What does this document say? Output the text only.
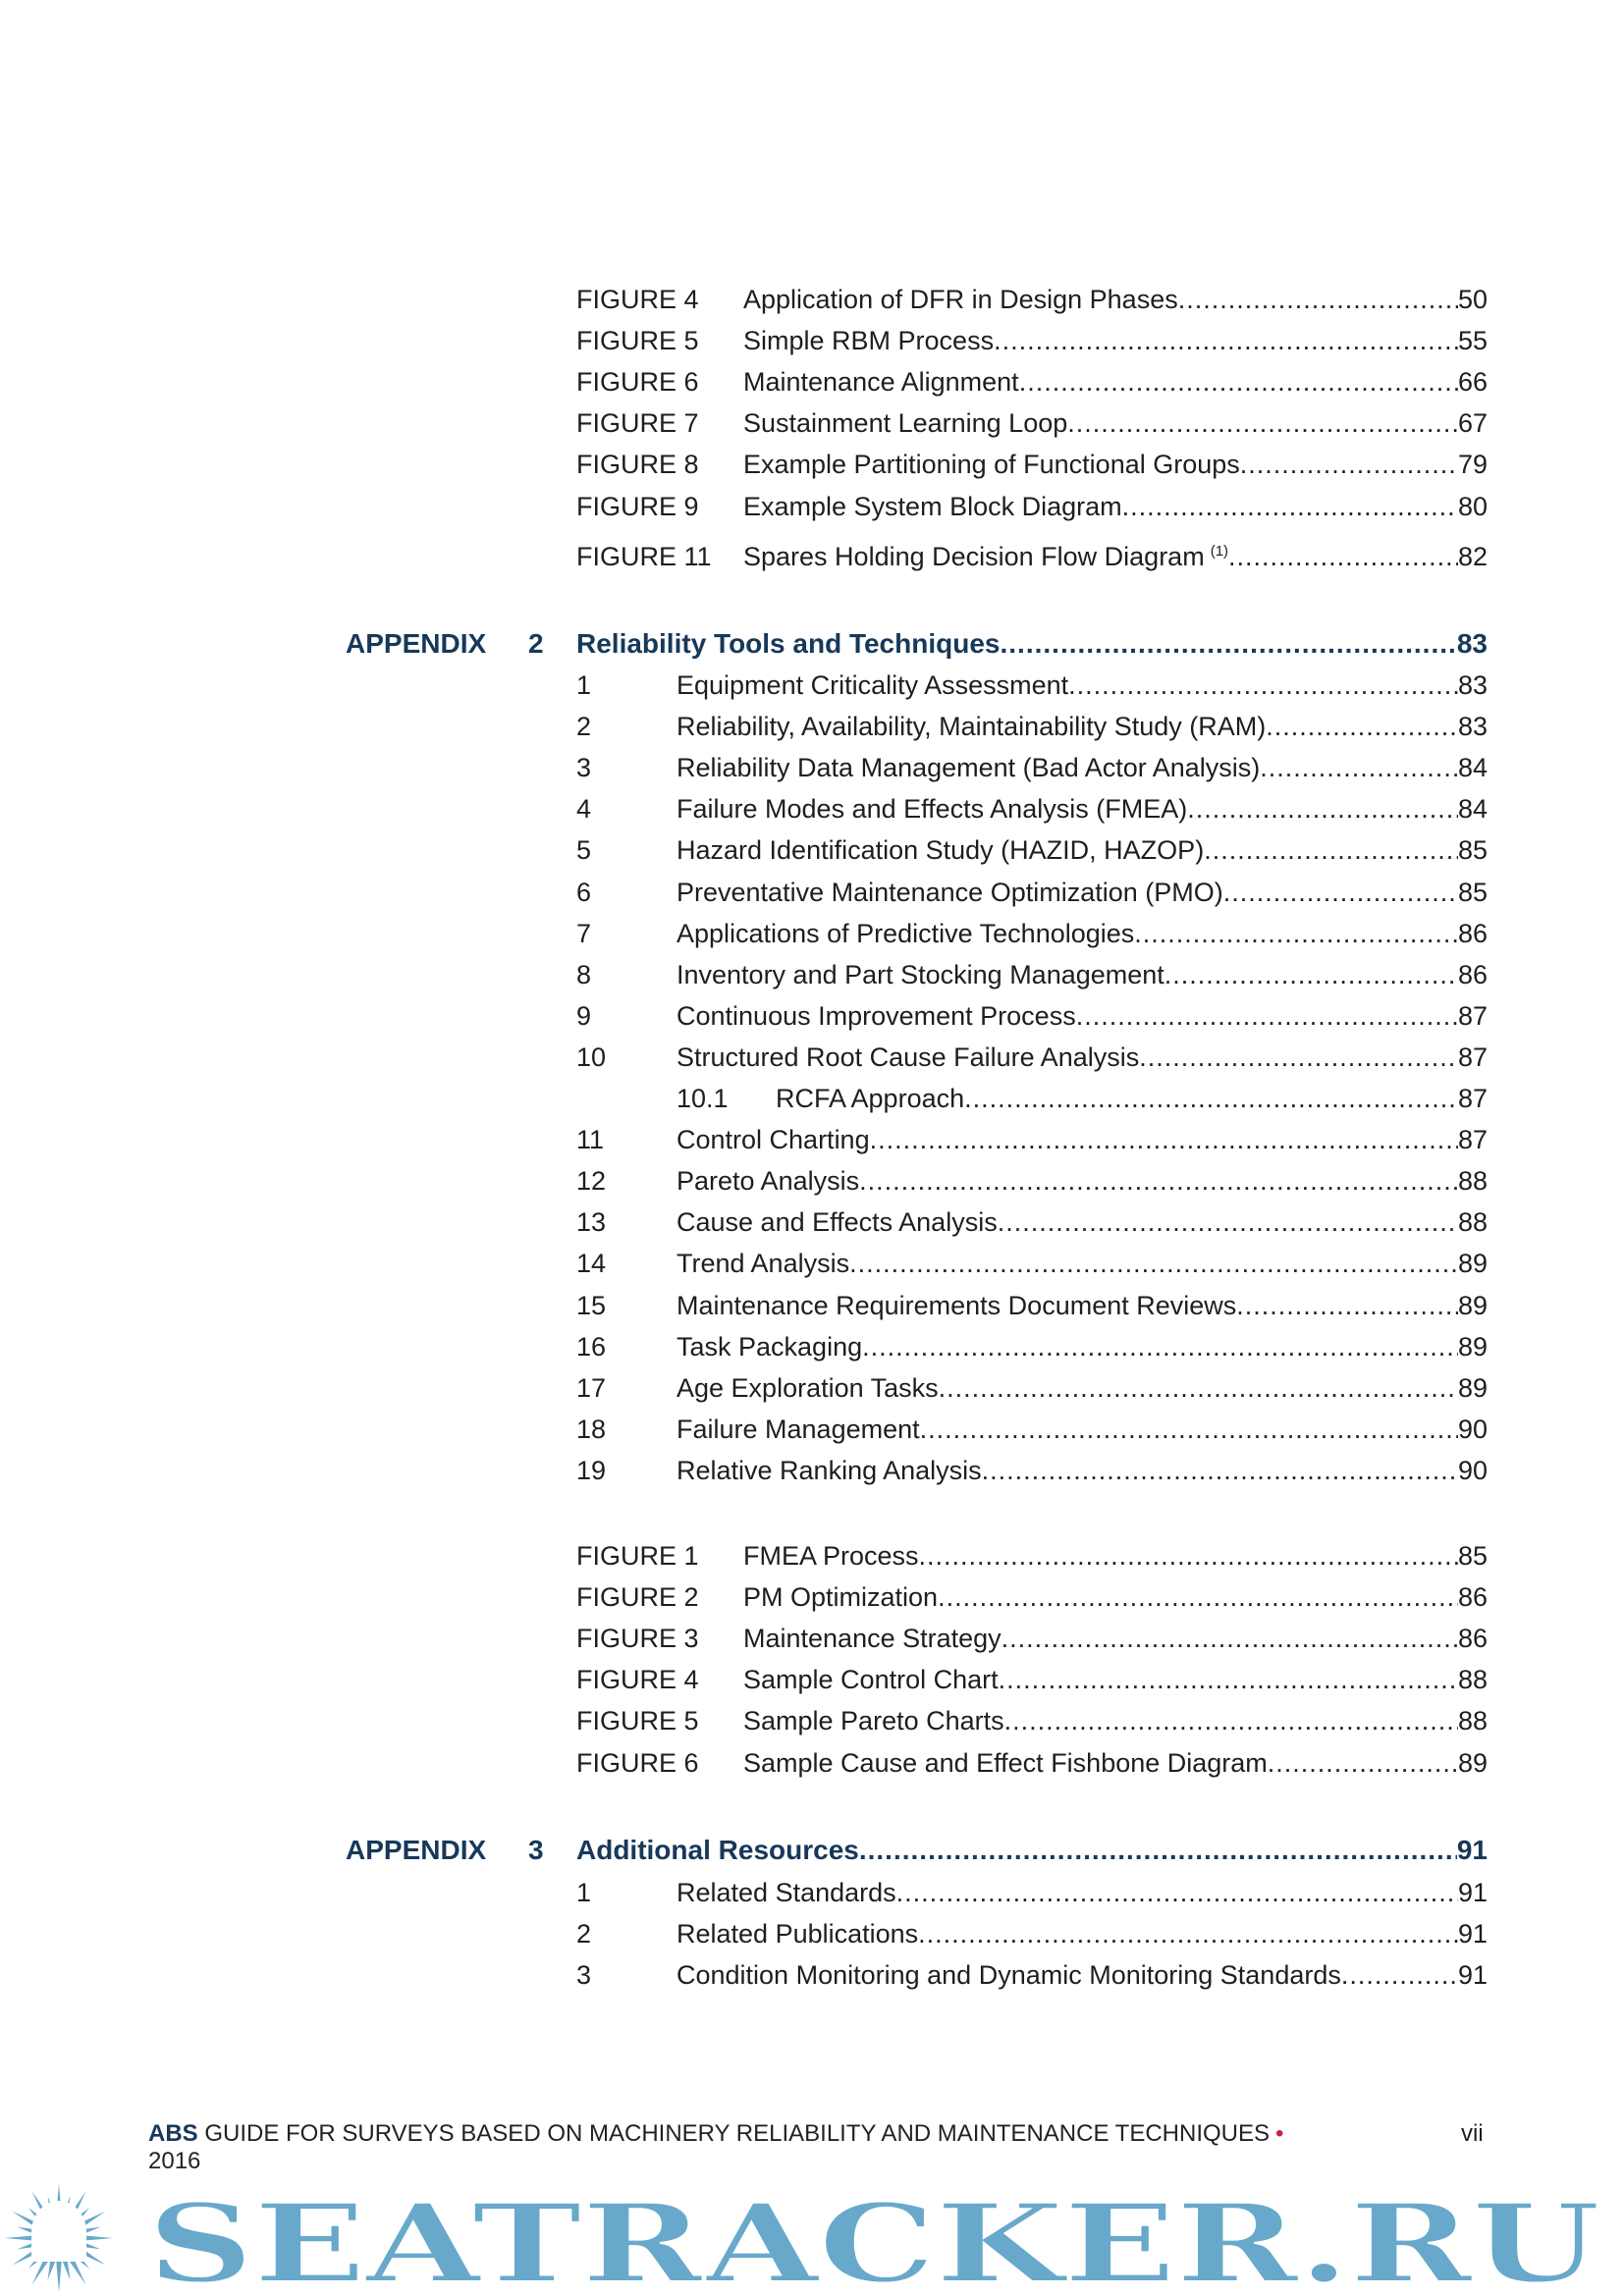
FIGURE 4 Application of DFR in Design Phases .....	50
FIGURE 5 Simple RBM Process .....	55
FIGURE 6 Maintenance Alignment .....	66
FIGURE 7 Sustainment Learning Loop .....	67
FIGURE 8 Example Partitioning of Functional Groups .....	79
FIGURE 9 Example System Block Diagram .....	80
FIGURE 11 Spares Holding Decision Flow Diagram $^{(1)}$ .....	82
APPENDIX 2 Reliability Tools and Techniques .....	83
1	Equipment Criticality Assessment .....	83
2	Reliability, Availability, Maintainability Study (RAM) .....	83
3	Reliability Data Management (Bad Actor Analysis) .....	84
4	Failure Modes and Effects Analysis (FMEA) .....	84
5	Hazard Identification Study (HAZID, HAZOP) .....	85
6	Preventative Maintenance Optimization (PMO) .....	85
7	Applications of Predictive Technologies .....	86
8	Inventory and Part Stocking Management .....	86
9	Continuous Improvement Process .....	87
10	Structured Root Cause Failure Analysis .....	87
10.1 RCFA Approach .....	87
11	Control Charting .....	87
12	Pareto Analysis .....	88
13	Cause and Effects Analysis .....	88
14	Trend Analysis .....	89
15	Maintenance Requirements Document Reviews .....	89
16	Task Packaging .....	89
17	Age Exploration Tasks .....	89
18	Failure Management .....	90
19	Relative Ranking Analysis .....	90
FIGURE 1 FMEA Process .....	85
FIGURE 2 PM Optimization .....	86
FIGURE 3 Maintenance Strategy .....	86
FIGURE 4 Sample Control Chart .....	88
FIGURE 5 Sample Pareto Charts .....	88
FIGURE 6 Sample Cause and Effect Fishbone Diagram .....	89
APPENDIX 3 Additional Resources .....	91
1	Related Standards .....	91
2	Related Publications .....	91
3	Condition Monitoring and Dynamic Monitoring Standards .....	91
ABS GUIDE FOR SURVEYS BASED ON MACHINERY RELIABILITY AND MAINTENANCE TECHNIQUES •
2016
vii
SEATRACKER.RU
